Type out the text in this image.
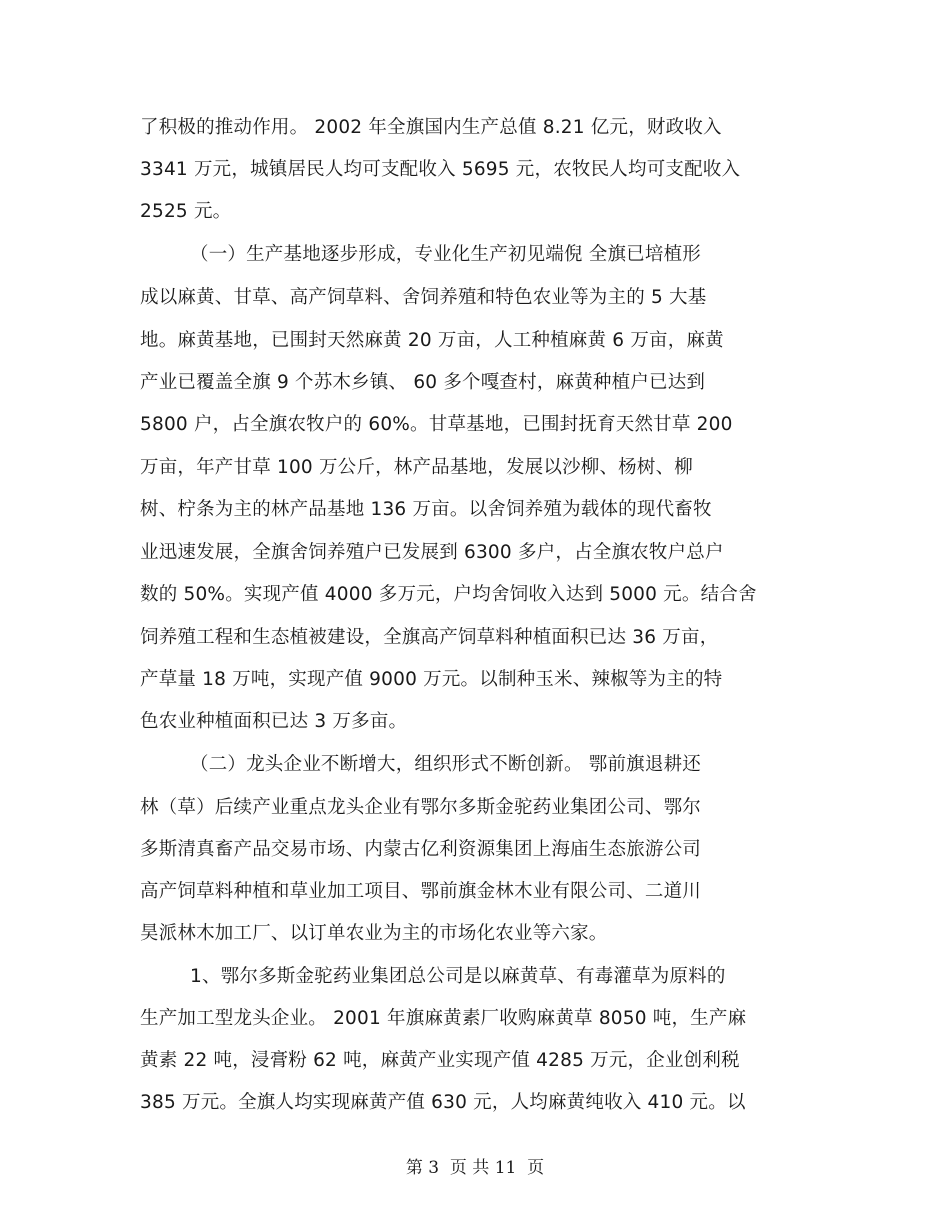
了积极的推动作用。 2002 年全旗国内生产总值 8.21 亿元，财政收入
3341 万元，城镇居民人均可支配收入 5695 元，农牧民人均可支配收入
2525 元。
（一）生产基地逐步形成，专业化生产初见端倪 全旗已培植形
成以麻黄、甘草、高产饲草料、舍饲养殖和特色农业等为主的 5 大基
地。麻黄基地，已围封天然麻黄 20 万亩，人工种植麻黄 6 万亩，麻黄
产业已覆盖全旗 9 个苏木乡镇、 60 多个嘎查村，麻黄种植户已达到
5800 户，占全旗农牧户的 60%。甘草基地，已围封抚育天然甘草 200
万亩，年产甘草 100 万公斤，林产品基地，发展以沙柳、杨树、柳
树、柠条为主的林产品基地 136 万亩。以舍饲养殖为载体的现代畜牧
业迅速发展，全旗舍饲养殖户已发展到 6300 多户，占全旗农牧户总户
数的 50%。实现产值 4000 多万元，户均舍饲收入达到 5000 元。结合舍
饲养殖工程和生态植被建设，全旗高产饲草料种植面积已达 36 万亩，
产草量 18 万吨，实现产值 9000 万元。以制种玉米、辣椒等为主的特
色农业种植面积已达 3 万多亩。
（二）龙头企业不断增大，组织形式不断创新。 鄂前旗退耕还
林（草）后续产业重点龙头企业有鄂尔多斯金驼药业集团公司、鄂尔
多斯清真畜产品交易市场、内蒙古亿利资源集团上海庙生态旅游公司
高产饲草料种植和草业加工项目、鄂前旗金林木业有限公司、二道川
昊派林木加工厂、以订单农业为主的市场化农业等六家。
1、鄂尔多斯金驼药业集团总公司是以麻黄草、有毒灌草为原料的
生产加工型龙头企业。 2001 年旗麻黄素厂收购麻黄草 8050 吨，生产麻
黄素 22 吨，浸膏粉 62 吨，麻黄产业实现产值 4285 万元，企业创利税
385 万元。全旗人均实现麻黄产值 630 元，人均麻黄纯收入 410 元。以
第 3  页 共 11  页
